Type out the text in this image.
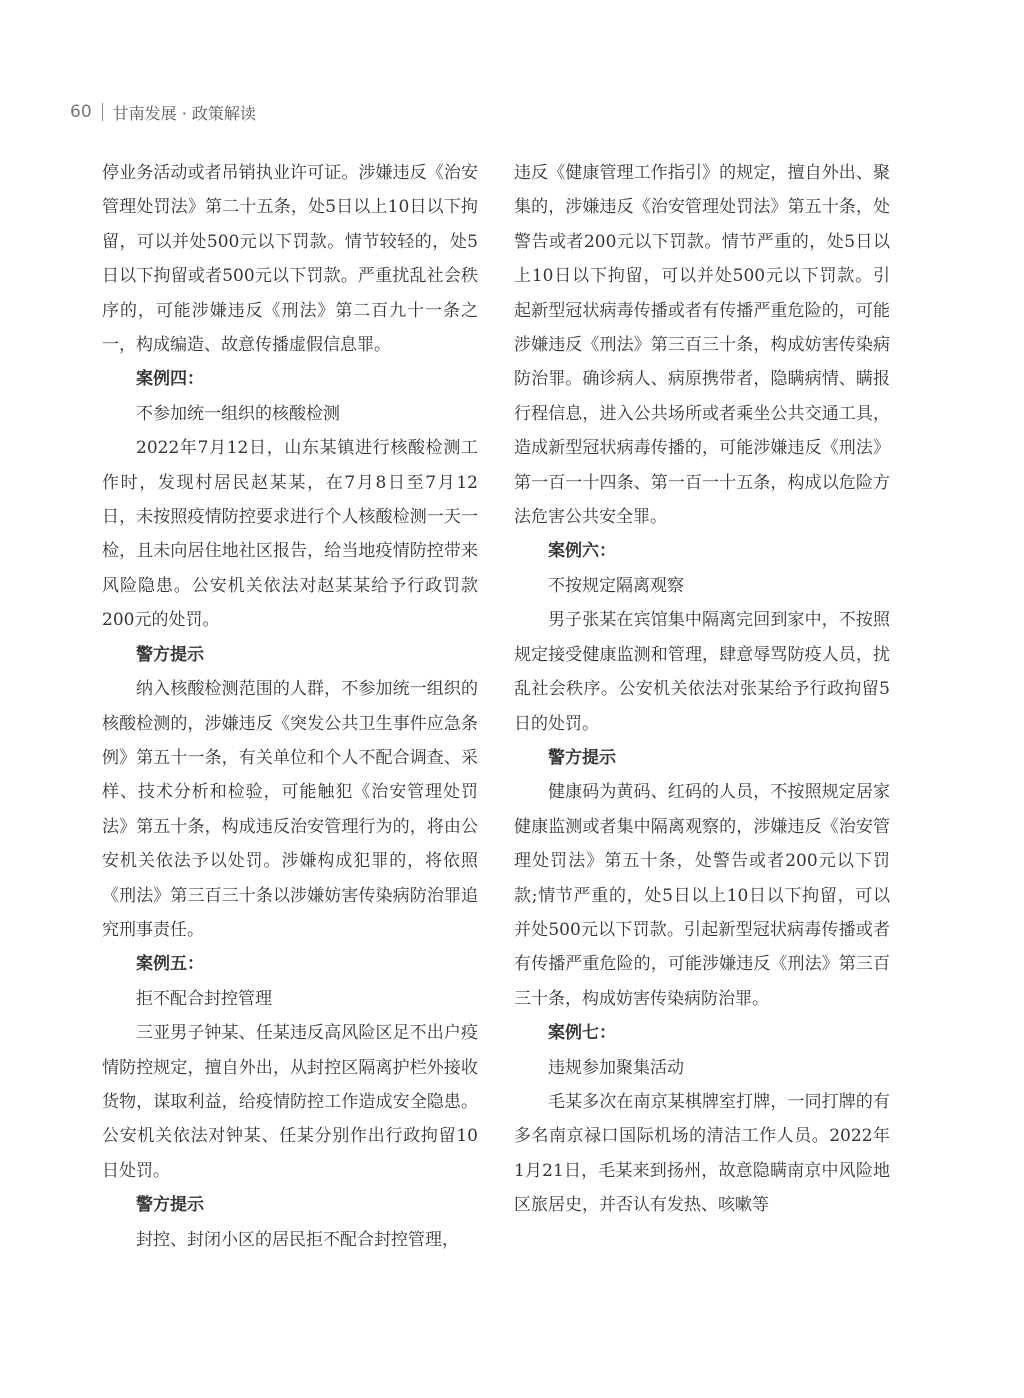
60 甘南发展 · 政策解读

停业务活动或者吊销执业许可证。涉嫌违反《治安管理处罚法》第二十五条，处5日以上10日以下拘留，可以并处500元以下罚款。情节较轻的，处5日以下拘留或者500元以下罚款。严重扰乱社会秩序的，可能涉嫌违反《刑法》第二百九十一条之一，构成编造、故意传播虚假信息罪。

案例四：

不参加统一组织的核酸检测

2022年7月12日，山东某镇进行核酸检测工作时，发现村居民赵某某，在7月8日至7月12日，未按照疫情防控要求进行个人核酸检测一天一检，且未向居住地社区报告，给当地疫情防控带来风险隐患。公安机关依法对赵某某给予行政罚款200元的处罚。

警方提示

纳入核酸检测范围的人群，不参加统一组织的核酸检测的，涉嫌违反《突发公共卫生事件应急条例》第五十一条，有关单位和个人不配合调查、采样、技术分析和检验，可能触犯《治安管理处罚法》第五十条，构成违反治安管理行为的，将由公安机关依法予以处罚。涉嫌构成犯罪的，将依照《刑法》第三百三十条以涉嫌妨害传染病防治罪追究刑事责任。

案例五：

拒不配合封控管理

三亚男子钟某、任某违反高风险区足不出户疫情防控规定，擅自外出，从封控区隔离护栏外接收货物，谋取利益，给疫情防控工作造成安全隐患。公安机关依法对钟某、任某分别作出行政拘留10日处罚。

警方提示

封控、封闭小区的居民拒不配合封控管理，

违反《健康管理工作指引》的规定，擅自外出、聚集的，涉嫌违反《治安管理处罚法》第五十条，处警告或者200元以下罚款。情节严重的，处5日以上10日以下拘留，可以并处500元以下罚款。引起新型冠状病毒传播或者有传播严重危险的，可能涉嫌违反《刑法》第三百三十条，构成妨害传染病防治罪。确诊病人、病原携带者，隐瞒病情、瞒报行程信息，进入公共场所或者乘坐公共交通工具，造成新型冠状病毒传播的，可能涉嫌违反《刑法》第一百一十四条、第一百一十五条，构成以危险方法危害公共安全罪。

案例六：

不按规定隔离观察

男子张某在宾馆集中隔离完回到家中，不按照规定接受健康监测和管理，肆意辱骂防疫人员，扰乱社会秩序。公安机关依法对张某给予行政拘留5日的处罚。

警方提示

健康码为黄码、红码的人员，不按照规定居家健康监测或者集中隔离观察的，涉嫌违反《治安管理处罚法》第五十条，处警告或者200元以下罚款;情节严重的，处5日以上10日以下拘留，可以并处500元以下罚款。引起新型冠状病毒传播或者有传播严重危险的，可能涉嫌违反《刑法》第三百三十条，构成妨害传染病防治罪。

案例七：

违规参加聚集活动

毛某多次在南京某棋牌室打牌，一同打牌的有多名南京禄口国际机场的清洁工作人员。2022年1月21日，毛某来到扬州，故意隐瞒南京中风险地区旅居史，并否认有发热、咳嗽等
